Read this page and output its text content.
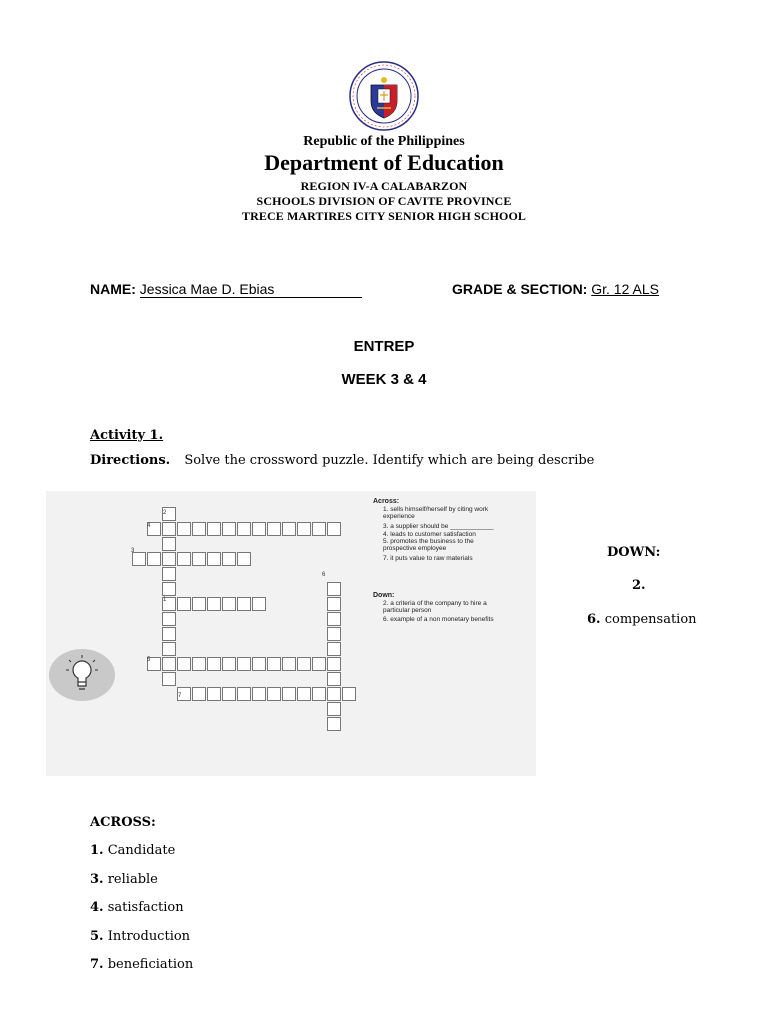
Republic of the Philippines
Department of Education
REGION IV-A CALABARZON
SCHOOLS DIVISION OF CAVITE PROVINCE
TRECE MARTIRES CITY SENIOR HIGH SCHOOL
NAME: Jessica Mae D. Ebias	GRADE & SECTION: Gr. 12 ALS
ENTREP
WEEK 3 & 4
Activity 1.
Directions. Solve the crossword puzzle. Identify which are being describe
2
4
3
6
1
5
7
Across:
1. sells himself/herself by citing work
experience
3. a supplier should be ____________
4. leads to customer satisfaction
5. promotes the business to the
prospective employee
7. it puts value to raw materials
Down:
2. a criteria of the company to hire a
particular person
6. example of a non monetary benefits
DOWN:
2.
6. compensation
ACROSS:
1. Candidate
3. reliable
4. satisfaction
5. Introduction
7. beneficiation
